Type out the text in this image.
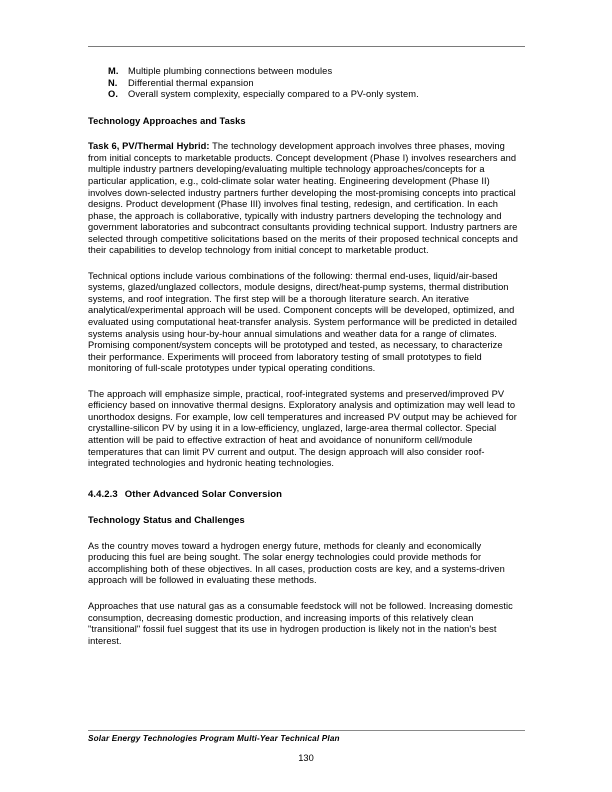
M. Multiple plumbing connections between modules
N. Differential thermal expansion
O. Overall system complexity, especially compared to a PV-only system.
Technology Approaches and Tasks

Task 6, PV/Thermal Hybrid: The technology development approach involves three phases, moving from initial concepts to marketable products. Concept development (Phase I) involves researchers and multiple industry partners developing/evaluating multiple technology approaches/concepts for a particular application, e.g., cold-climate solar water heating. Engineering development (Phase II) involves down-selected industry partners further developing the most-promising concepts into practical designs. Product development (Phase III) involves final testing, redesign, and certification. In each phase, the approach is collaborative, typically with industry partners developing the technology and government laboratories and subcontract consultants providing technical support. Industry partners are selected through competitive solicitations based on the merits of their proposed technical concepts and their capabilities to develop technology from initial concept to marketable product.

Technical options include various combinations of the following: thermal end-uses, liquid/air-based systems, glazed/unglazed collectors, module designs, direct/heat-pump systems, thermal distribution systems, and roof integration. The first step will be a thorough literature search. An iterative analytical/experimental approach will be used. Component concepts will be developed, optimized, and evaluated using computational heat-transfer analysis. System performance will be predicted in detailed systems analysis using hour-by-hour annual simulations and weather data for a range of climates. Promising component/system concepts will be prototyped and tested, as necessary, to characterize their performance. Experiments will proceed from laboratory testing of small prototypes to field monitoring of full-scale prototypes under typical operating conditions.

The approach will emphasize simple, practical, roof-integrated systems and preserved/improved PV efficiency based on innovative thermal designs. Exploratory analysis and optimization may well lead to unorthodox designs. For example, low cell temperatures and increased PV output may be achieved for crystalline-silicon PV by using it in a low-efficiency, unglazed, large-area thermal collector. Special attention will be paid to effective extraction of heat and avoidance of nonuniform cell/module temperatures that can limit PV current and output. The design approach will also consider roof-integrated technologies and hydronic heating technologies.

4.4.2.3 Other Advanced Solar Conversion
Technology Status and Challenges

As the country moves toward a hydrogen energy future, methods for cleanly and economically producing this fuel are being sought. The solar energy technologies could provide methods for accomplishing both of these objectives. In all cases, production costs are key, and a systems-driven approach will be followed in evaluating these methods.

Approaches that use natural gas as a consumable feedstock will not be followed. Increasing domestic consumption, decreasing domestic production, and increasing imports of this relatively clean "transitional" fossil fuel suggest that its use in hydrogen production is likely not in the nation's best interest.

Solar Energy Technologies Program Multi-Year Technical Plan
130
